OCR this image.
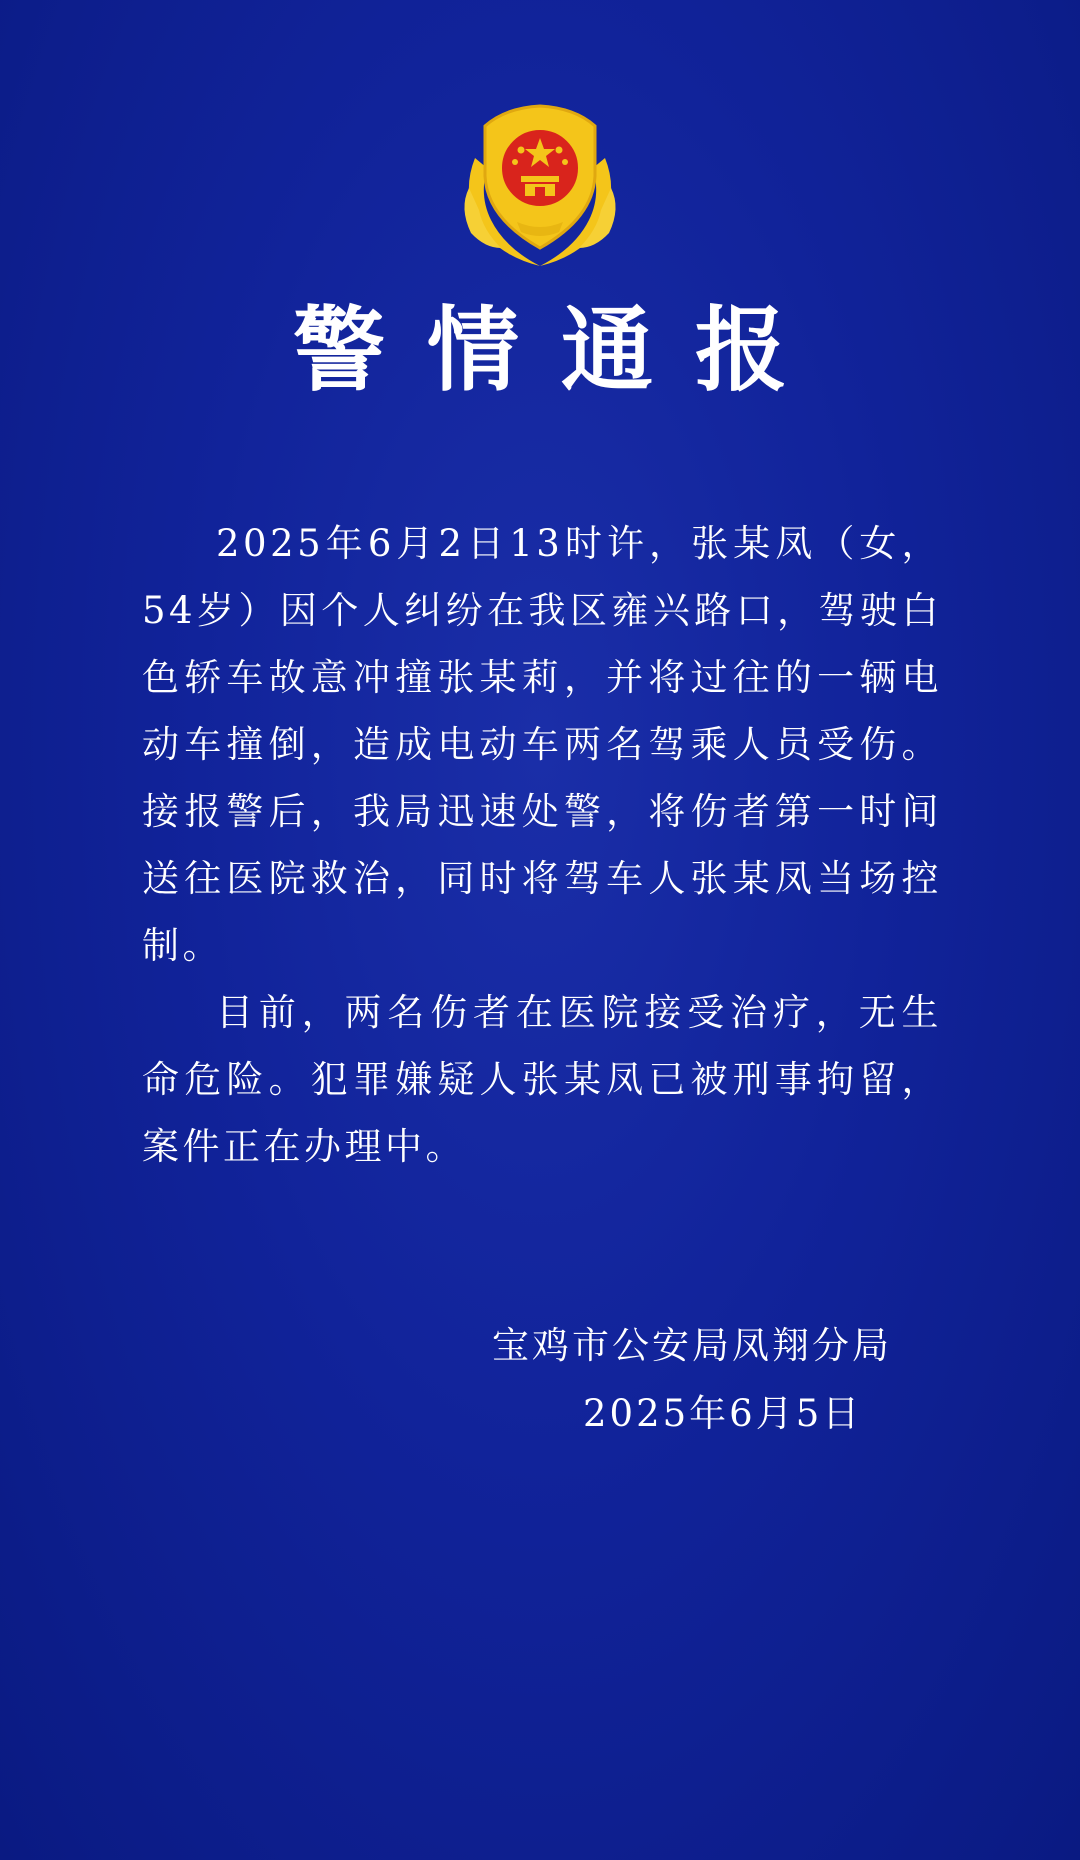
警情通报

2025年6月2日13时许，张某凤（女，54岁）因个人纠纷在我区雍兴路口，驾驶白色轿车故意冲撞张某莉，并将过往的一辆电动车撞倒，造成电动车两名驾乘人员受伤。接报警后，我局迅速处警，将伤者第一时间送往医院救治，同时将驾车人张某凤当场控制。

目前，两名伤者在医院接受治疗，无生命危险。犯罪嫌疑人张某凤已被刑事拘留，案件正在办理中。

宝鸡市公安局凤翔分局
2025年6月5日
